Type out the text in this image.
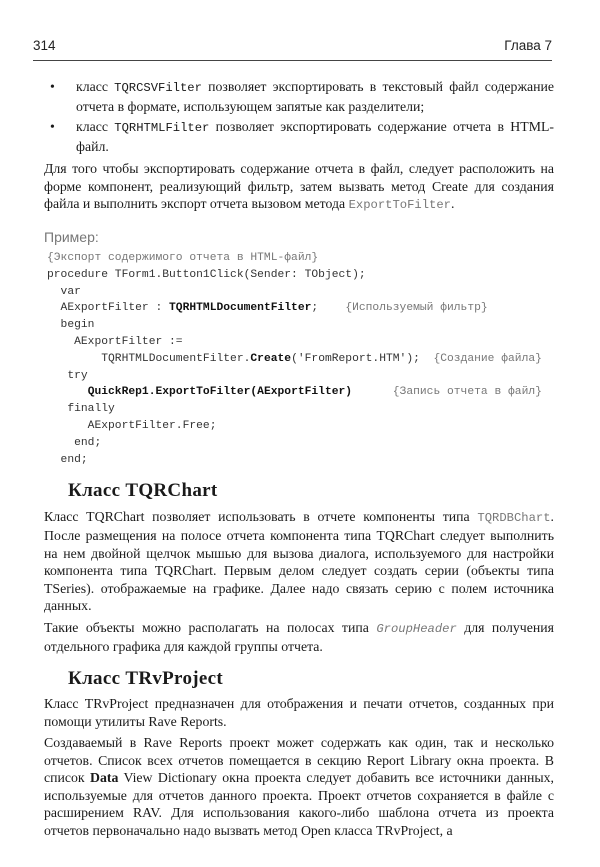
314	Глава 7
• класс TQRCSVFilter позволяет экспортировать в текстовый файл содержание отчета в формате, использующем запятые как разделители;
• класс TQRHTMLFilter позволяет экспортировать содержание отчета в HTML-файл.

Для того чтобы экспортировать содержание отчета в файл, следует расположить на форме компонент, реализующий фильтр, затем вызвать метод Create для создания файла и выполнить экспорт отчета вызовом метода ExportToFilter.

Пример:
{Экспорт содержимого отчета в HTML-файл}
procedure TForm1.Button1Click(Sender: TObject);
var
AExportFilter : TQRHTMLDocumentFilter; {Используемый фильтр}
begin
AExportFilter :=
TQRHTMLDocumentFilter.Create('FromReport.HTM'); {Создание файла}
try
QuickRep1.ExportToFilter(AExportFilter)	{Запись отчета в файл}
finally
AExportFilter.Free;
end;
end;
Класс TQRChart

Класс TQRChart позволяет использовать в отчете компоненты типа TQRDBChart. После размещения на полосе отчета компонента типа TQRChart следует выполнить на нем двойной щелчок мышью для вызова диалога, используемого для настройки компонента типа TQRChart. Первым делом следует создать серии (объекты типа TSeries). отображаемые на графике. Далее надо связать серию с полем источника данных.

Такие объекты можно располагать на полосах типа GroupHeader для получения отдельного графика для каждой группы отчета.

Класс TRvProject

Класс TRvProject предназначен для отображения и печати отчетов, созданных при помощи утилиты Rave Reports.

Создаваемый в Rave Reports проект может содержать как один, так и несколько отчетов. Список всех отчетов помещается в секцию Report Library окна проекта. В список Data View Dictionary окна проекта следует добавить все источники данных, используемые для отчетов данного проекта. Проект отчетов сохраняется в файле с расширением RAV. Для использования какого-либо шаблона отчета из проекта отчетов первоначально надо вызвать метод Open класса TRvProject, а
